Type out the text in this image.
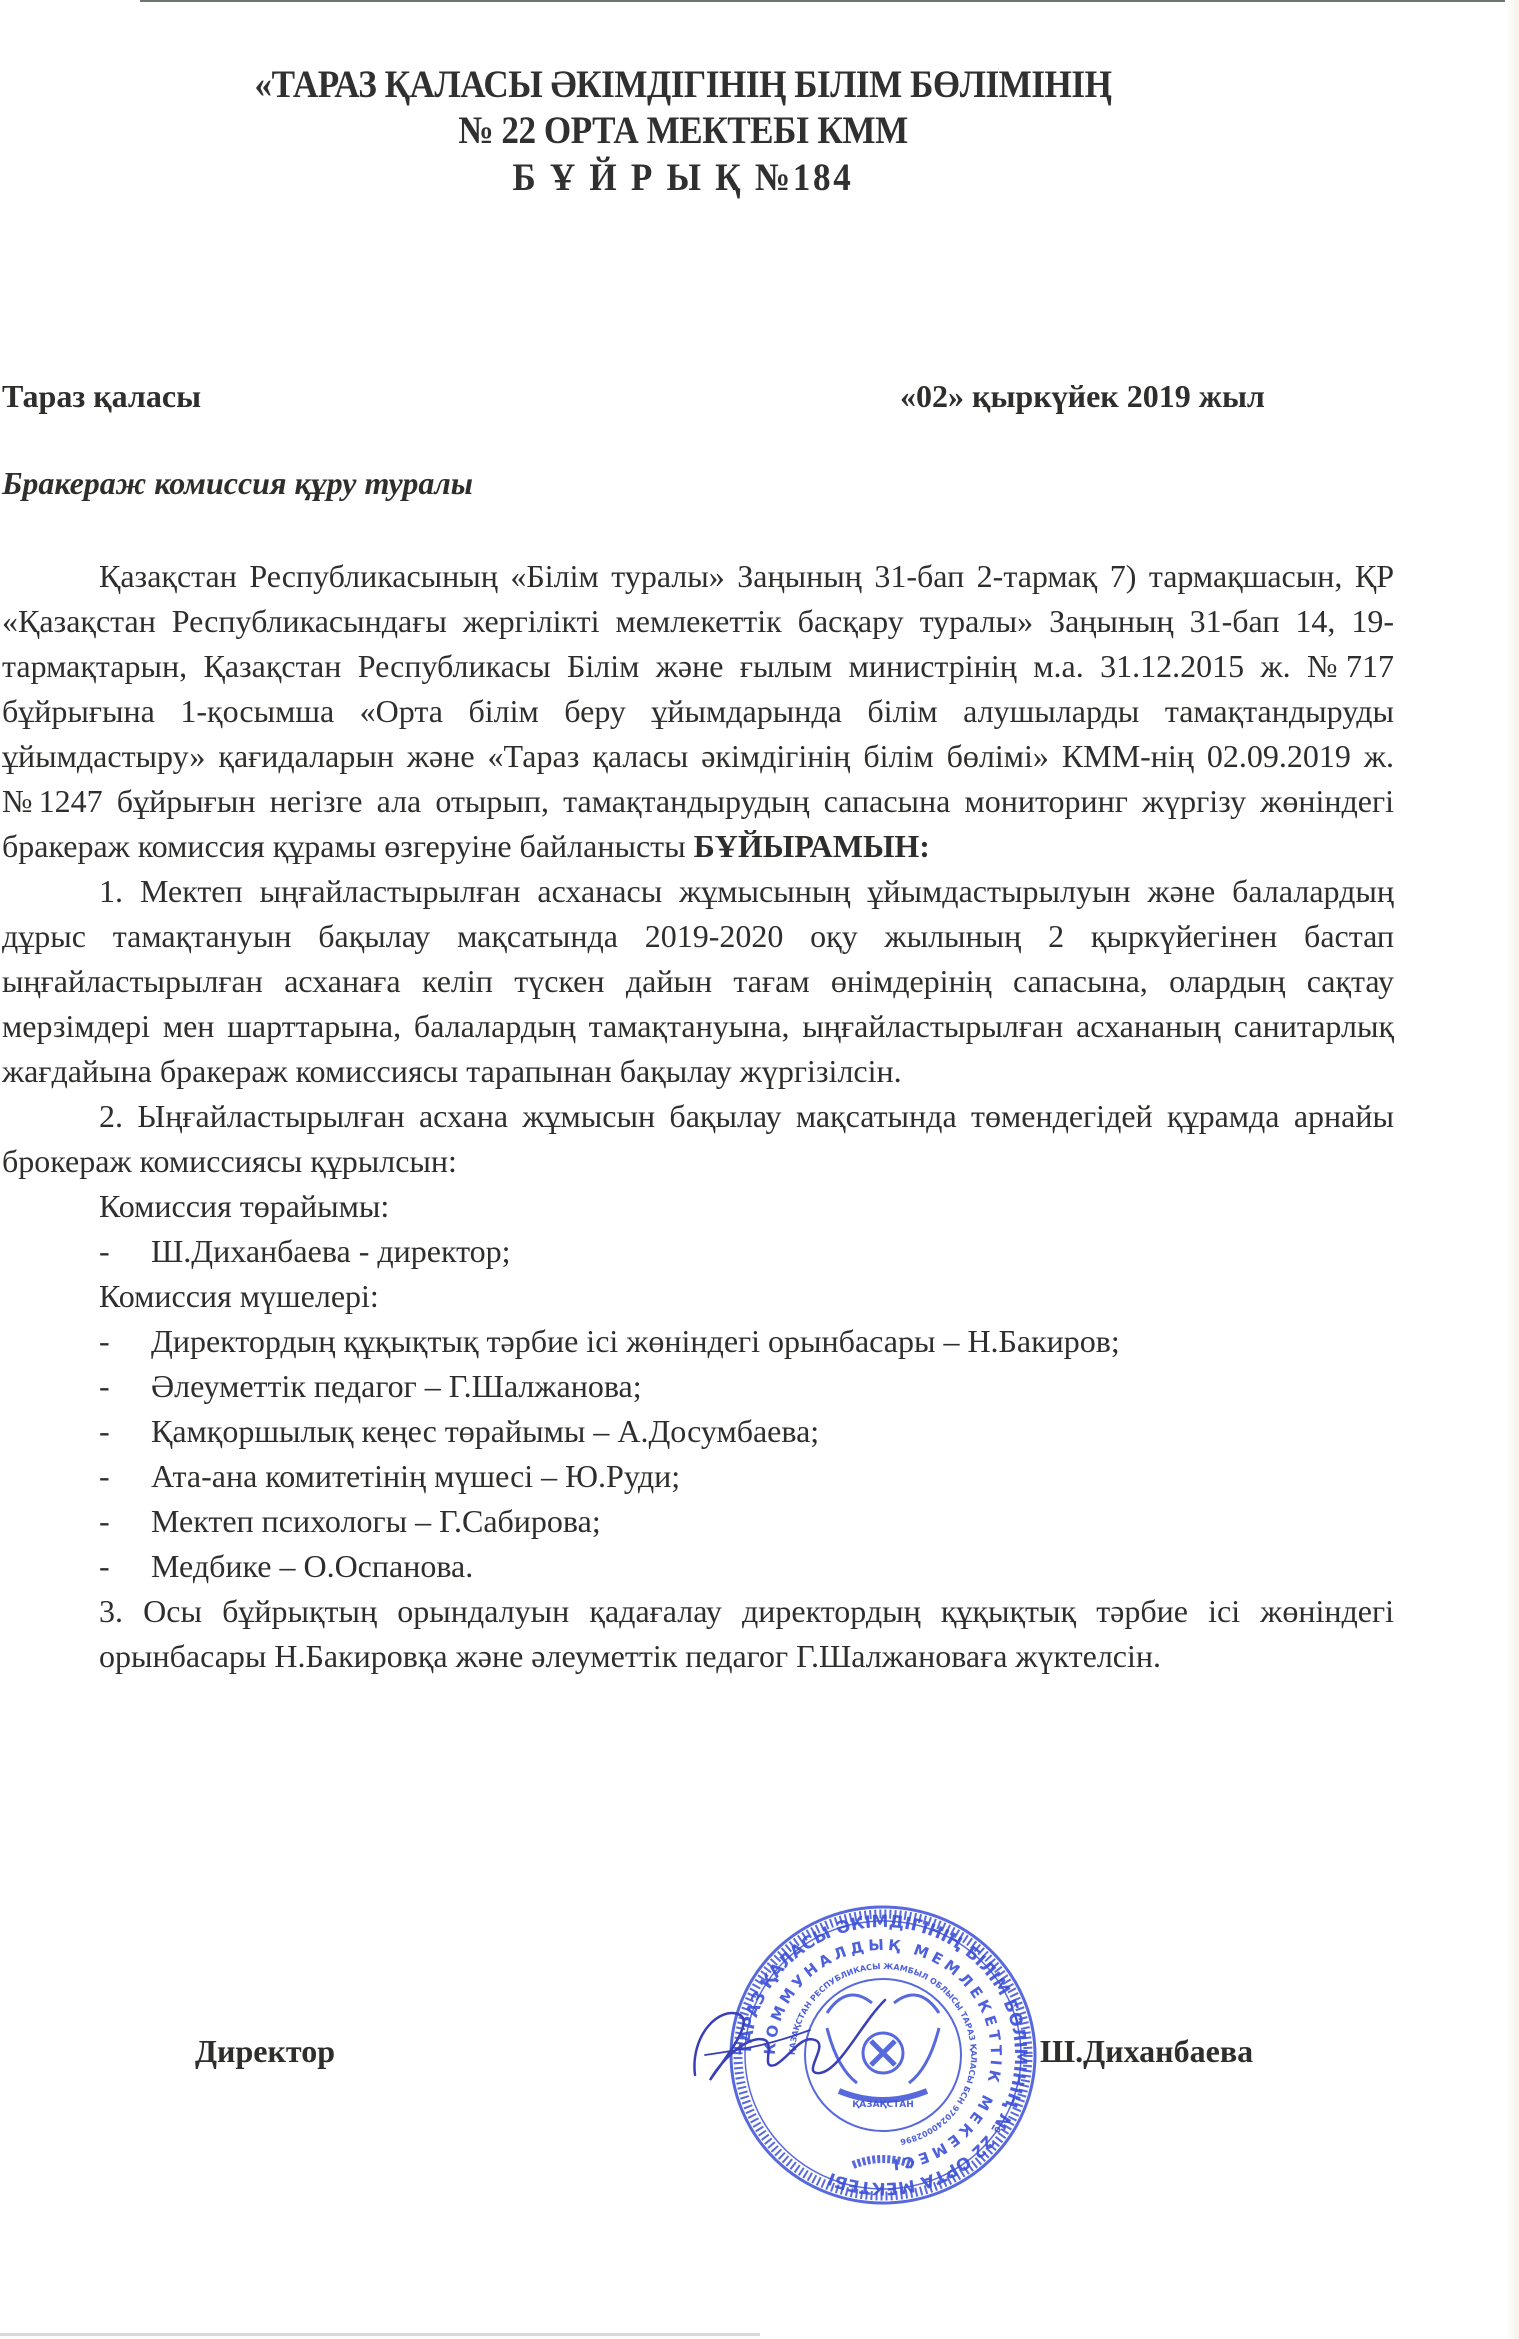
«ТАРАЗ ҚАЛАСЫ ӘКІМДІГІНІҢ БІЛІМ БӨЛІМІНІҢ
№ 22 ОРТА МЕКТЕБІ КММ
Б Ұ Й Р Ы Қ №184
Тараз қаласы	«02» қыркүйек 2019 жыл
Бракераж комиссия құру туралы

Қазақстан Республикасының «Білім туралы» Заңының 31-бап 2-тармақ 7) тармақшасын, ҚР «Қазақстан Республикасындағы жергілікті мемлекеттік басқару туралы» Заңының 31-бап 14, 19-тармақтарын, Қазақстан Республикасы Білім және ғылым министрінің м.а. 31.12.2015 ж. №717 бұйрығына 1-қосымша «Орта білім беру ұйымдарында білім алушыларды тамақтандыруды ұйымдастыру» қағидаларын және «Тараз қаласы әкімдігінің білім бөлімі» КММ-нің 02.09.2019 ж. №1247 бұйрығын негізге ала отырып, тамақтандырудың сапасына мониторинг жүргізу жөніндегі бракераж комиссия құрамы өзгеруіне байланысты БҰЙЫРАМЫН:

1. Мектеп ыңғайластырылған асханасы жұмысының ұйымдастырылуын және балалардың дұрыс тамақтануын бақылау мақсатында 2019-2020 оқу жылының 2 қыркүйегінен бастап ыңғайластырылған асханаға келіп түскен дайын тағам өнімдерінің сапасына, олардың сақтау мерзімдері мен шарттарына, балалардың тамақтануына, ыңғайластырылған асхананың санитарлық жағдайына бракераж комиссиясы тарапынан бақылау жүргізілсін.

2. Ыңғайластырылған асхана жұмысын бақылау мақсатында төмендегідей құрамда арнайы брокераж комиссиясы құрылсын:

Комиссия төрайымы:
-	Ш.Диханбаева - директор;
Комиссия мүшелері:
-	Директордың құқықтық тәрбие ісі жөніндегі орынбасары – Н.Бакиров;
-	Әлеуметтік педагог – Г.Шалжанова;
-	Қамқоршылық кеңес төрайымы – А.Досумбаева;
-	Ата-ана комитетінің мүшесі – Ю.Руди;
-	Мектеп психологы – Г.Сабирова;
-	Медбике – О.Оспанова.

3. Осы бұйрықтың орындалуын қадағалау директордың құқықтық тәрбие ісі жөніндегі орынбасары Н.Бакировқа және әлеуметтік педагог Г.Шалжановаға жүктелсін.

Директор	Ш.Диханбаева
ТАРАЗ ҚАЛАСЫ ӘКІМДІГІНІҢ БІЛІМ БӨЛІМІНІҢ № 22 ОРТА МЕКТЕБІ
КОММУНАЛДЫҚ МЕМЛЕКЕТТІК МЕКЕМЕСІ
ҚАЗАҚСТАН РЕСПУБЛИКАСЫ ЖАМБЫЛ ОБЛЫСЫ ТАРАЗ ҚАЛАСЫ БСН 970240002896
ҚАЗАҚСТАН
